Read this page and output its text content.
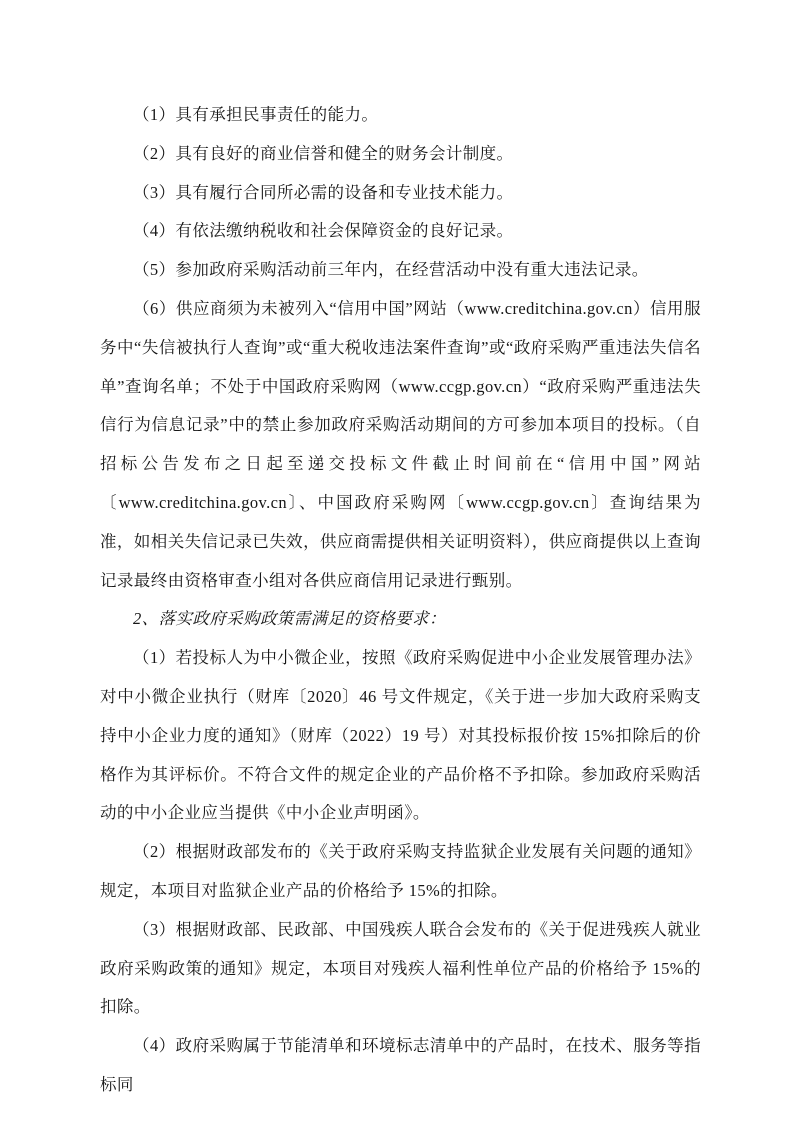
（1）具有承担民事责任的能力。

（2）具有良好的商业信誉和健全的财务会计制度。

（3）具有履行合同所必需的设备和专业技术能力。

（4）有依法缴纳税收和社会保障资金的良好记录。

（5）参加政府采购活动前三年内，在经营活动中没有重大违法记录。

（6）供应商须为未被列入“信用中国”网站（www.creditchina.gov.cn）信用服务中“失信被执行人查询”或“重大税收违法案件查询”或“政府采购严重违法失信名单”查询名单；不处于中国政府采购网（www.ccgp.gov.cn）“政府采购严重违法失信行为信息记录”中的禁止参加政府采购活动期间的方可参加本项目的投标。（自招标公告发布之日起至递交投标文件截止时间前在“信用中国”网站〔www.creditchina.gov.cn〕、中国政府采购网〔www.ccgp.gov.cn〕查询结果为准，如相关失信记录已失效，供应商需提供相关证明资料），供应商提供以上查询记录最终由资格审查小组对各供应商信用记录进行甄别。

2、落实政府采购政策需满足的资格要求：

（1）若投标人为中小微企业，按照《政府采购促进中小企业发展管理办法》对中小微企业执行（财库〔2020〕46 号文件规定，《关于进一步加大政府采购支持中小企业力度的通知》（财库（2022）19 号）对其投标报价按 15%扣除后的价格作为其评标价。不符合文件的规定企业的产品价格不予扣除。参加政府采购活动的中小企业应当提供《中小企业声明函》。

（2）根据财政部发布的《关于政府采购支持监狱企业发展有关问题的通知》规定，本项目对监狱企业产品的价格给予 15%的扣除。

（3）根据财政部、民政部、中国残疾人联合会发布的《关于促进残疾人就业政府采购政策的通知》规定，本项目对残疾人福利性单位产品的价格给予 15%的扣除。

（4）政府采购属于节能清单和环境标志清单中的产品时，在技术、服务等指标同
